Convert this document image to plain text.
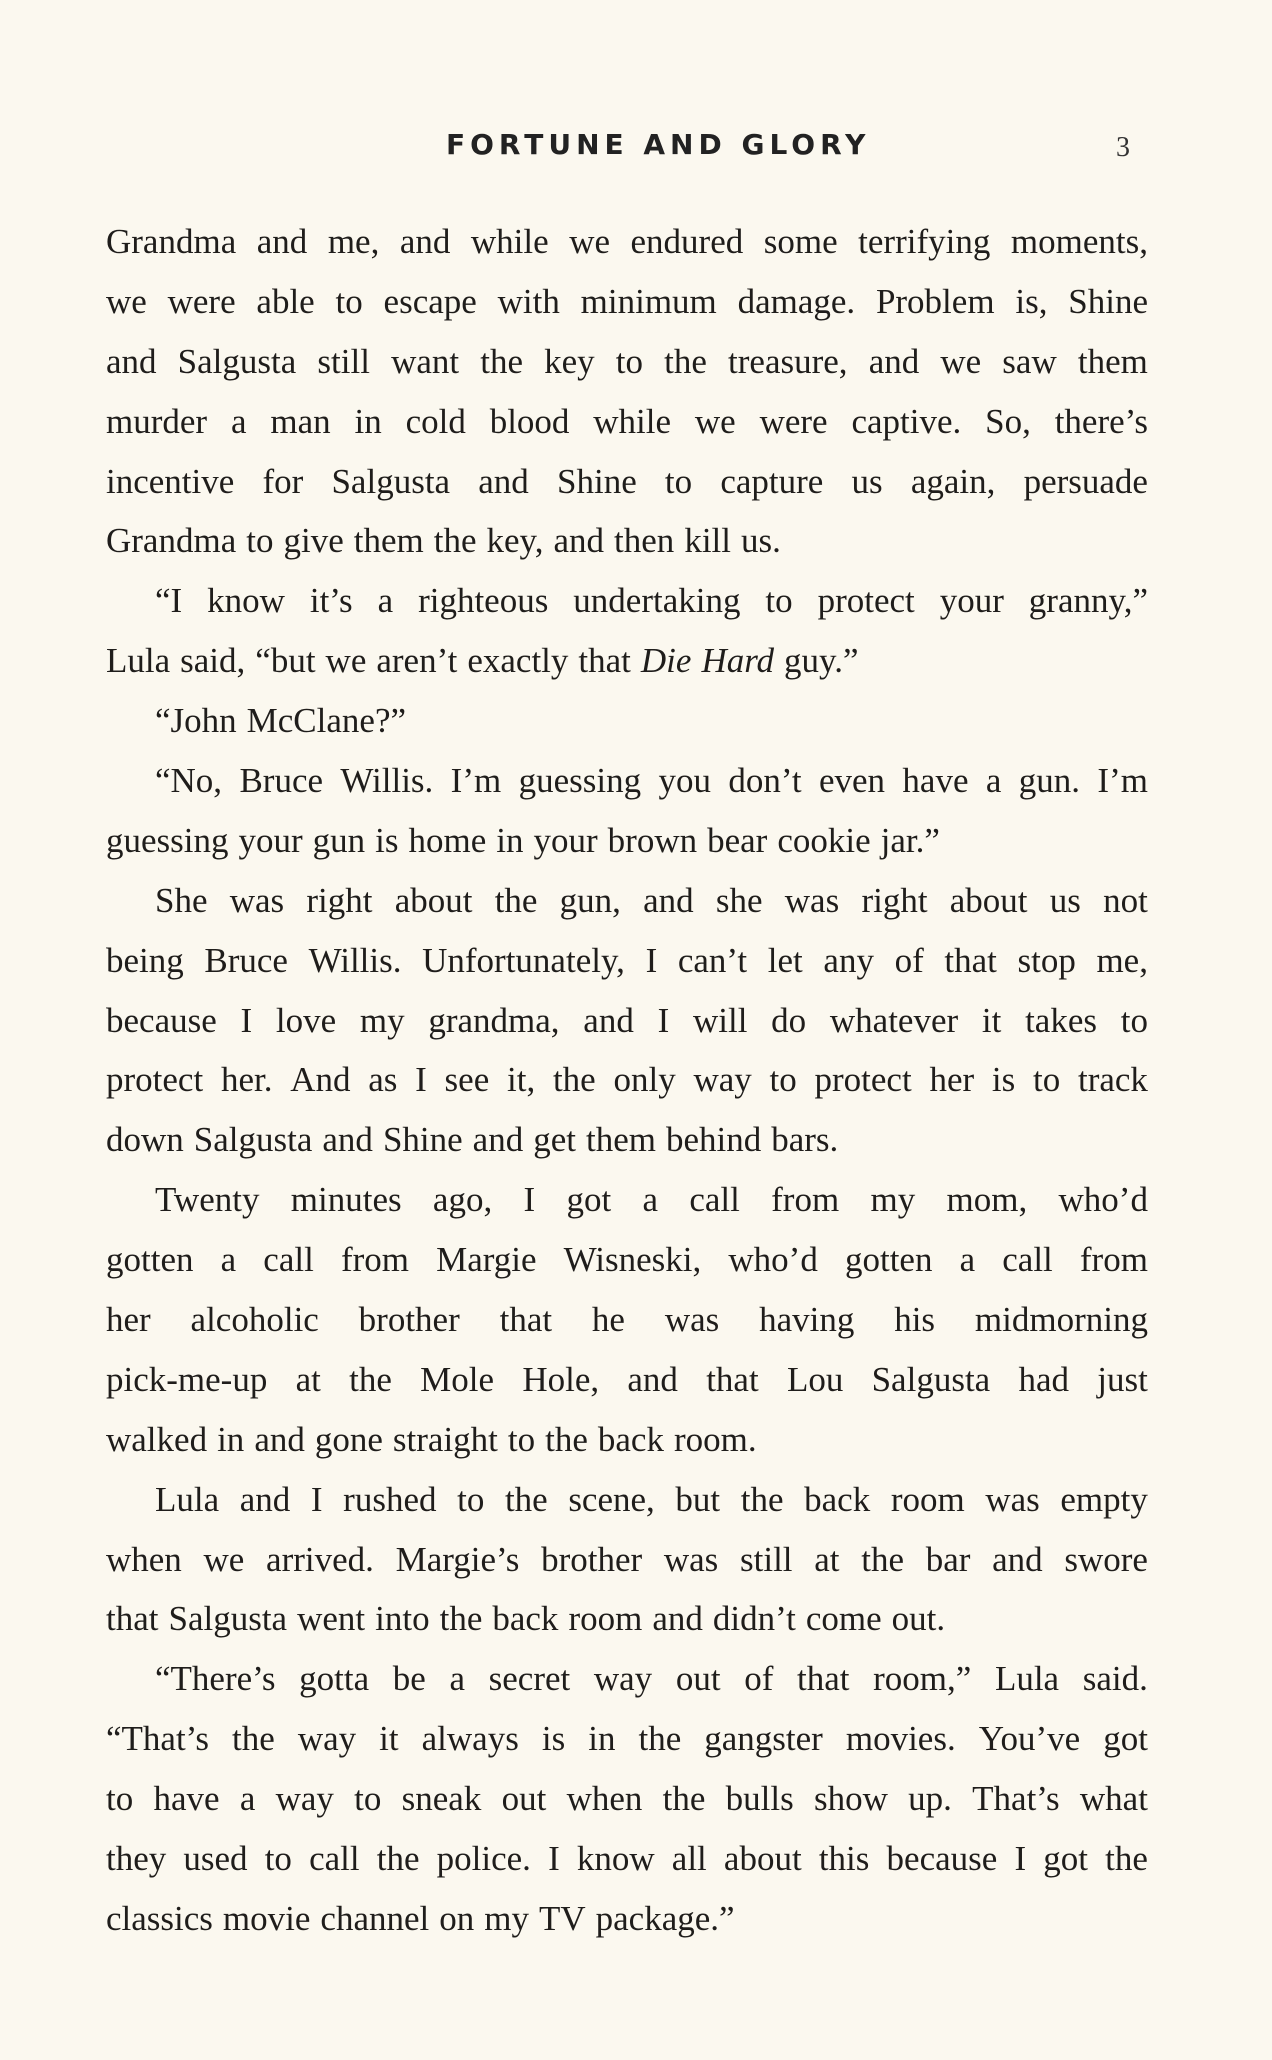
FORTUNE AND GLORY	3
Grandma and me, and while we endured some terrifying moments,
we were able to escape with minimum damage. Problem is, Shine
and Salgusta still want the key to the treasure, and we saw them
murder a man in cold blood while we were captive. So, there’s
incentive for Salgusta and Shine to capture us again, persuade
Grandma to give them the key, and then kill us.
“I know it’s a righteous undertaking to protect your granny,”
Lula said, “but we aren’t exactly that Die Hard guy.”
“John McClane?”
“No, Bruce Willis. I’m guessing you don’t even have a gun. I’m
guessing your gun is home in your brown bear cookie jar.”
She was right about the gun, and she was right about us not
being Bruce Willis. Unfortunately, I can’t let any of that stop me,
because I love my grandma, and I will do whatever it takes to
protect her. And as I see it, the only way to protect her is to track
down Salgusta and Shine and get them behind bars.
Twenty minutes ago, I got a call from my mom, who’d
gotten a call from Margie Wisneski, who’d gotten a call from
her alcoholic brother that he was having his midmorning
pick-me-up at the Mole Hole, and that Lou Salgusta had just
walked in and gone straight to the back room.
Lula and I rushed to the scene, but the back room was empty
when we arrived. Margie’s brother was still at the bar and swore
that Salgusta went into the back room and didn’t come out.
“There’s gotta be a secret way out of that room,” Lula said.
“That’s the way it always is in the gangster movies. You’ve got
to have a way to sneak out when the bulls show up. That’s what
they used to call the police. I know all about this because I got the
classics movie channel on my TV package.”
